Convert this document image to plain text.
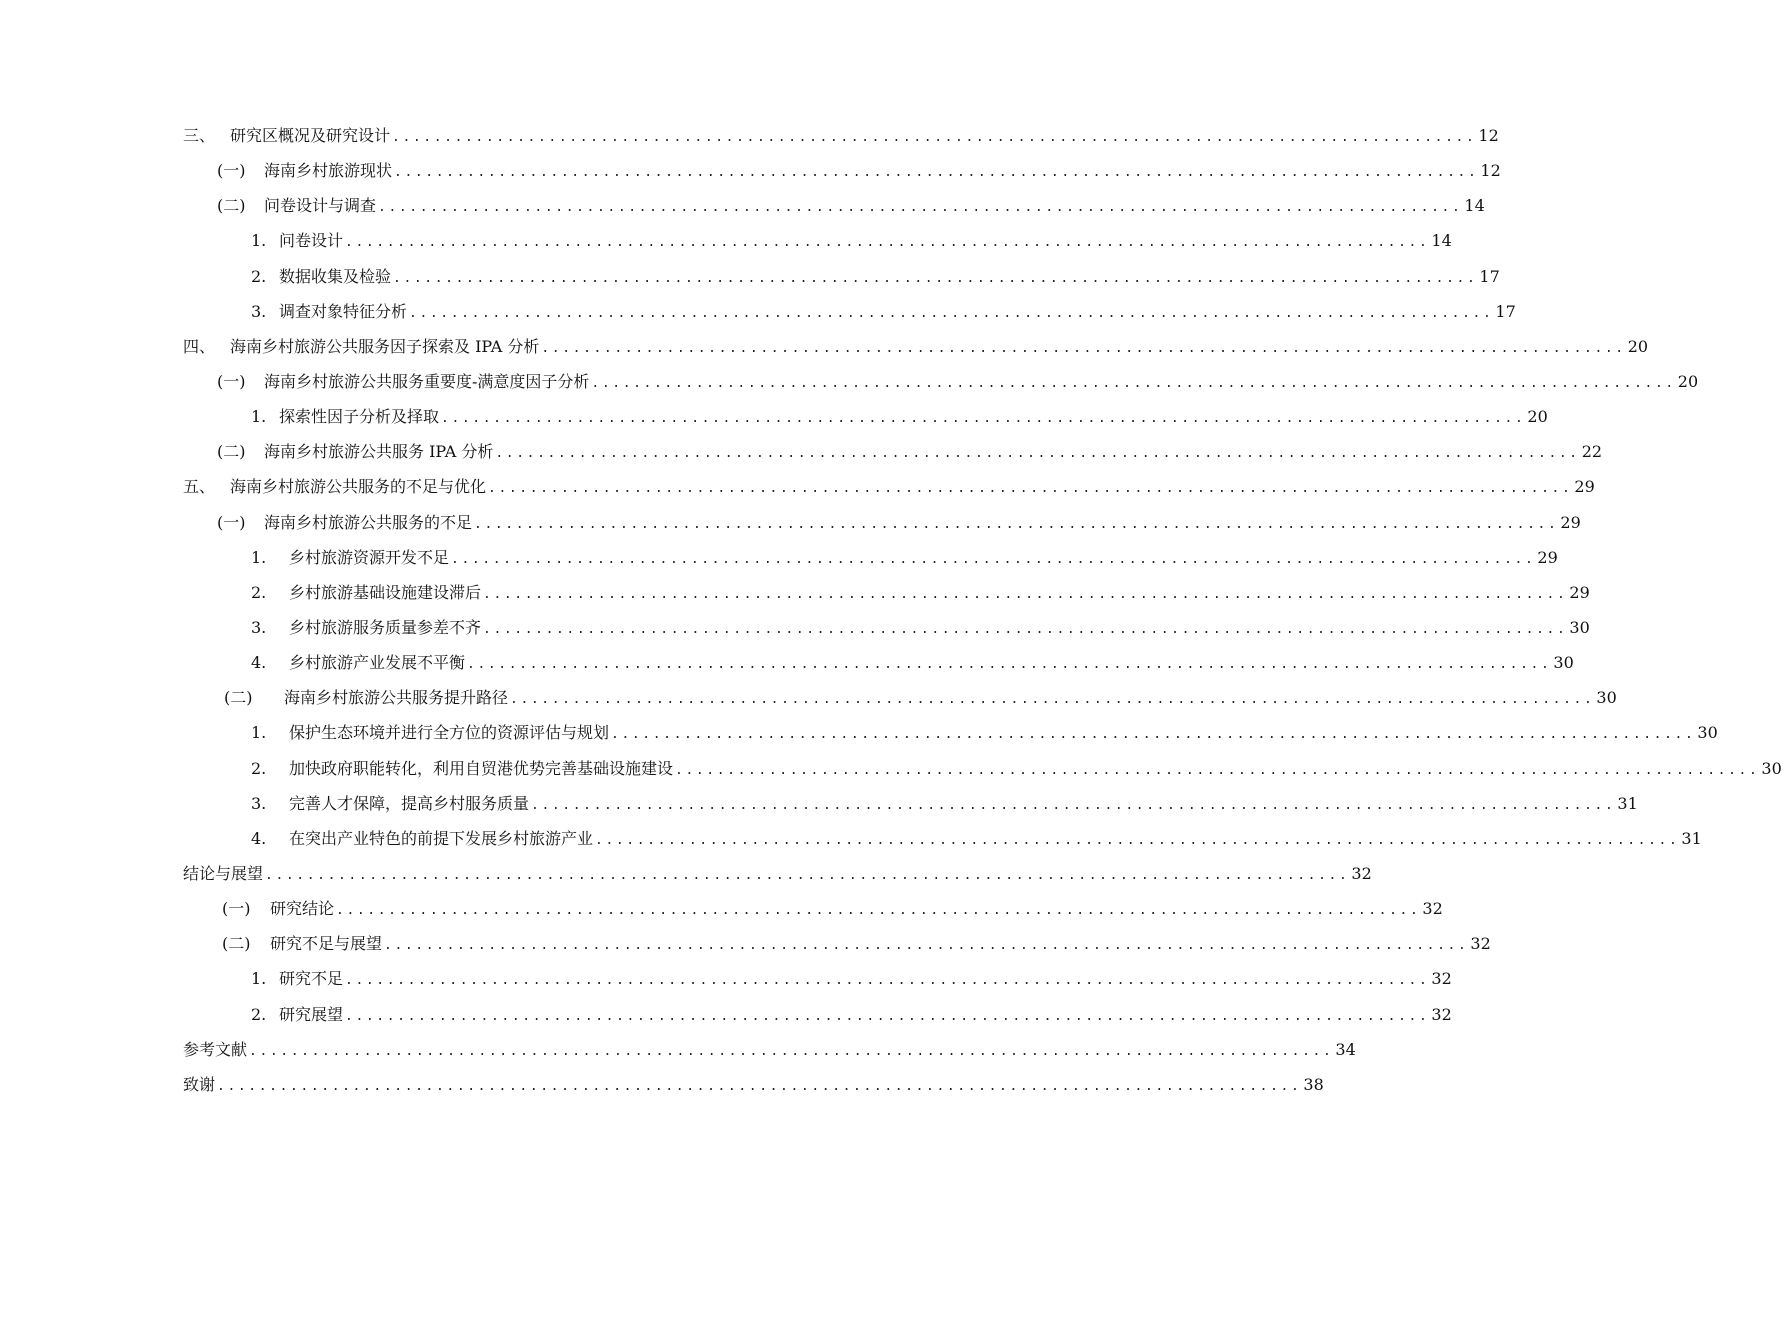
三、 研究区概况及研究设计 ........................................................................................................ 12
(一) 海南乡村旅游现状 ........................................................................................................ 12
(二) 问卷设计与调查 ........................................................................................................ 14
1. 问卷设计 ........................................................................................................ 14
2. 数据收集及检验 ........................................................................................................ 17
3. 调查对象特征分析 ........................................................................................................ 17
四、 海南乡村旅游公共服务因子探索及 IPA 分析 ........................................................................................................ 20
(一) 海南乡村旅游公共服务重要度-满意度因子分析 ........................................................................................................ 20
1. 探索性因子分析及择取 ........................................................................................................ 20
(二) 海南乡村旅游公共服务 IPA 分析 ........................................................................................................ 22
五、 海南乡村旅游公共服务的不足与优化 ........................................................................................................ 29
(一) 海南乡村旅游公共服务的不足 ........................................................................................................ 29
1. 乡村旅游资源开发不足 ........................................................................................................ 29
2. 乡村旅游基础设施建设滞后 ........................................................................................................ 29
3. 乡村旅游服务质量参差不齐 ........................................................................................................ 30
4. 乡村旅游产业发展不平衡 ........................................................................................................ 30
(二) 海南乡村旅游公共服务提升路径 ........................................................................................................ 30
1. 保护生态环境并进行全方位的资源评估与规划 ........................................................................................................ 30
2. 加快政府职能转化，利用自贸港优势完善基础设施建设 ........................................................................................................ 30
3. 完善人才保障，提高乡村服务质量 ........................................................................................................ 31
4. 在突出产业特色的前提下发展乡村旅游产业 ........................................................................................................ 31
结论与展望 ........................................................................................................ 32
(一) 研究结论 ........................................................................................................ 32
(二) 研究不足与展望 ........................................................................................................ 32
1. 研究不足 ........................................................................................................ 32
2. 研究展望 ........................................................................................................ 32
参考文献 ........................................................................................................ 34
致谢 ........................................................................................................ 38
